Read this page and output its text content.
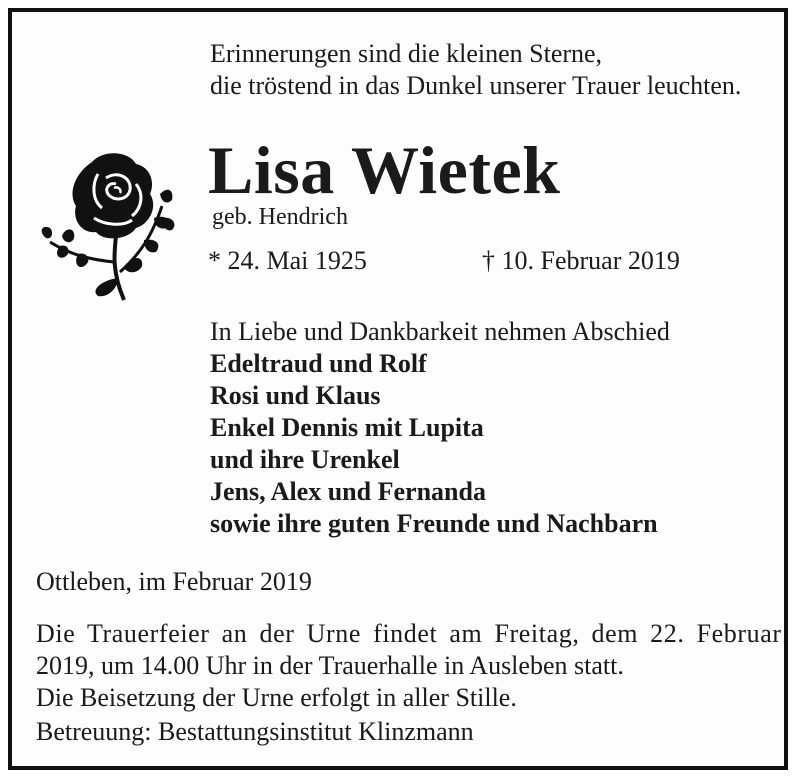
Erinnerungen sind die kleinen Sterne,
die tröstend in das Dunkel unserer Trauer leuchten.
Lisa Wietek
geb. Hendrich
* 24. Mai 1925	† 10. Februar 2019
In Liebe und Dankbarkeit nehmen Abschied
Edeltraud und Rolf
Rosi und Klaus
Enkel Dennis mit Lupita
und ihre Urenkel
Jens, Alex und Fernanda
sowie ihre guten Freunde und Nachbarn
Ottleben, im Februar 2019
Die Trauerfeier an der Urne findet am Freitag, dem 22. Februar
2019, um 14.00 Uhr in der Trauerhalle in Ausleben statt.
Die Beisetzung der Urne erfolgt in aller Stille.
Betreuung: Bestattungsinstitut Klinzmann
